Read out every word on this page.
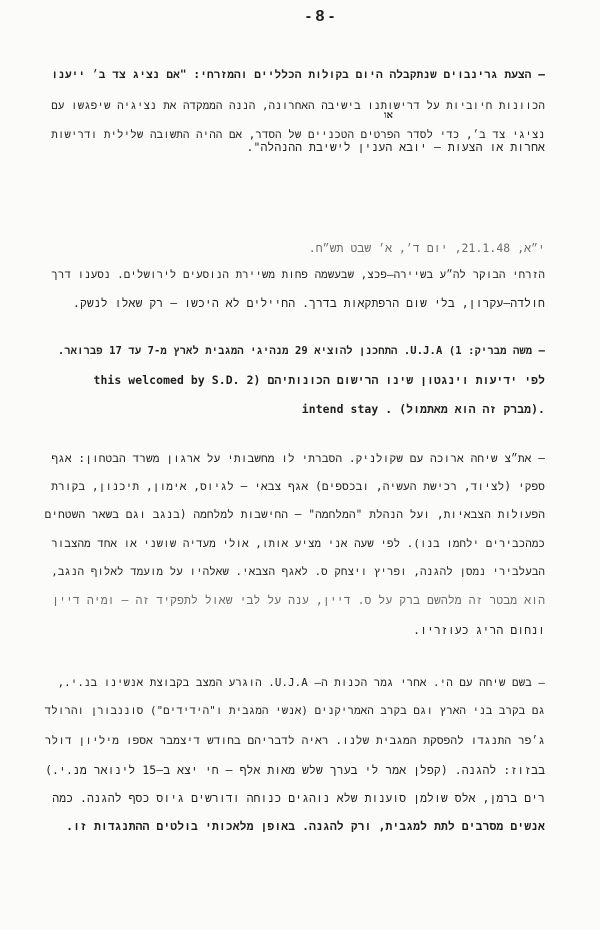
- 8 -
– הצעת גרינבוים שנתקבלה היום בקולות הכלליים והמזרחי: "אם נציג צד ב׳ ייענו
הכוונות חיוביות על דרישותנו בישיבה האחרונה, הננה הממקדה את נציגיה שיפגשו עם
נציגי צד ב׳, כדי לסדר הפרטים הטכניים של הסדר, אם ההיה התשובה שלילית ודרישות
או
אחרות או הצעות – יובא הענין לישיבת ההנהלה".
י״א, 21.1.48, יום ד׳, א׳ שבט תש״ח.
הזרחי הבוקר לה״ע בשיירה–פכצ, שבעשמה פחות משיירת הנוסעים לירושלים. נסענו דרך
חולדה–עקרון, בלי שום הרפתקאות בדרך. החיילים לא היכשו – רק שאלו לנשק.
– משה מבריק: 1) U.J.A. התחכנן להוציא 29 מנהיגי המגבית לארץ מ-7 עד 17 פברואר.
this welcomed by S.D. 2) לפי ידיעות וינגטון שינו הרישום הכונותיהם
intend stay . (מברק זה הוא מאתמול).
– את״צ שיחה ארוכה עם שקולניק. הסברתי לו מחשבותי על ארגון משרד הבטחון: אגף
ספקי (לציוד, רכישת העשיה, ובכספים) אגף צבאי – לגיוס, אימון, תיכנון, בקורת
הפעולות הצבאיות, ועל הנהלת "המלחמה" – החישבות למלחמה (בנגב וגם בשאר השטחים
כמהכבירים ילחמו בנו). לפי שעה אני מציע אותו, אולי מעדיה שושני או אחד מהצבור
הבעלבירי נמסן להגנה, ופריץ ויצחק ס. לאגף הצבאי. שאלהיו על מועמד לאלוף הנגב,
הוא מבטר זה מלהשם ברק על ס. דיין, ענה על לבי שאול לתפקיד זה – ומיה דיין
ונחום הריג כעוזריו.
– בשם שיחה עם הי. אחרי גמר הכנות ה– U.J.A. הוגרע המצב בקבוצת אנשינו בנ.י.,
גם בקרב בני הארץ וגם בקרב האמריקנים (אנשי המגבית ו"הידידים") סוננבורן והרולד
ג׳פר התנגדו להפסקת המגבית שלנו. ראיה לדבריהם בחודש דיצמבר אספו מיליון דולר
בבזוז: להגנה. (קפלן אמר לי בערך שלש מאות אלף – חי יצא ב–15 לינואר מנ.י.)
רים ברמן, אלס שולמן סוענות שלא נוהגים כנוחה ודורשים גיוס כסף להגנה. כמה
אנשים מסרבים לתת למגבית, ורק להגנה. באופן מלאכותי בולטים ההתנגדות זו.
